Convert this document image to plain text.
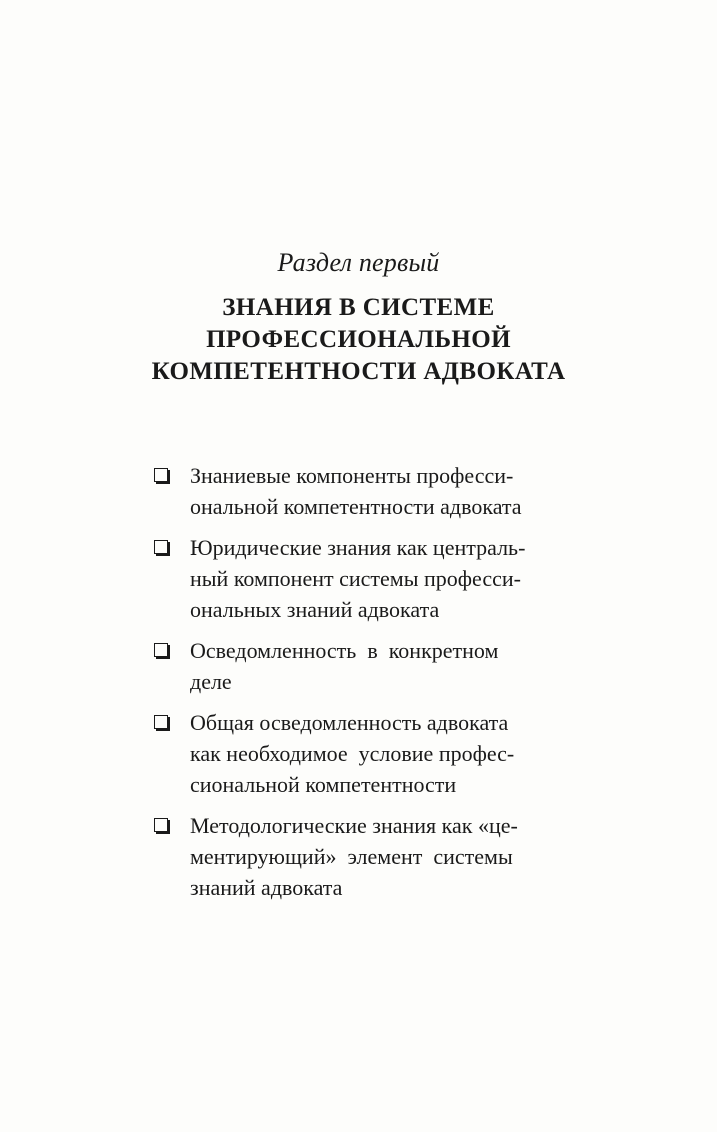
Раздел первый
ЗНАНИЯ В СИСТЕМЕ
ПРОФЕССИОНАЛЬНОЙ
КОМПЕТЕНТНОСТИ АДВОКАТА
Знаниевые компоненты професси-
ональной компетентности адвоката
Юридические знания как централь-
ный компонент системы професси-
ональных знаний адвоката
Осведомленность  в  конкретном
деле
Общая осведомленность адвоката
как необходимое  условие профес-
сиональной компетентности
Методологические знания как «це-
ментирующий»  элемент  системы
знаний адвоката
